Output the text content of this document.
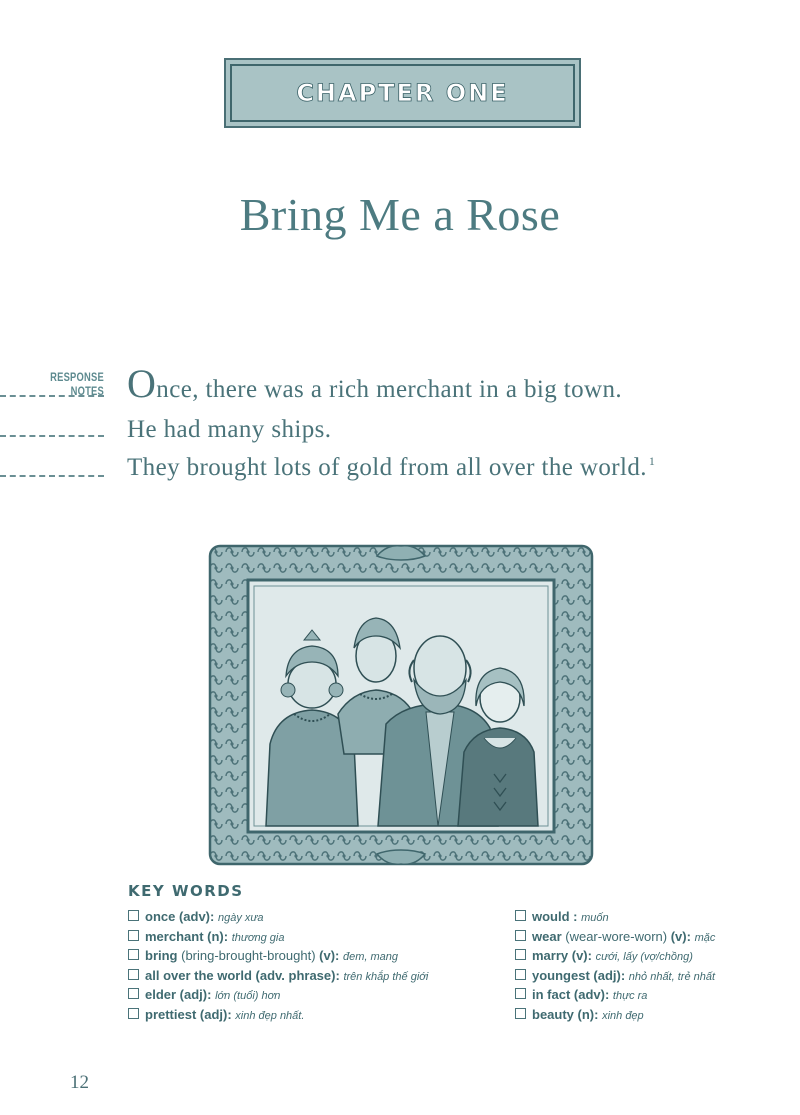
CHAPTER ONE
Bring Me a Rose
RESPONSE NOTES Once, there was a rich merchant in a big town.
He had many ships.
They brought lots of gold from all over the world. $^1$
KEY WORDS
once (adv): ngày xưa
merchant (n): thương gia
bring (bring-brought-brought) (v): đem, mang
all over the world (adv. phrase): trên khắp thế giới
elder (adj): lớn (tuổi) hơn
prettiest (adj): xinh đẹp nhất.
would : muốn
wear (wear-wore-worn) (v): mặc
marry (v): cưới, lấy (vợ/chồng)
youngest (adj): nhỏ nhất, trẻ nhất
in fact (adv): thực ra
beauty (n): xinh đẹp
12
